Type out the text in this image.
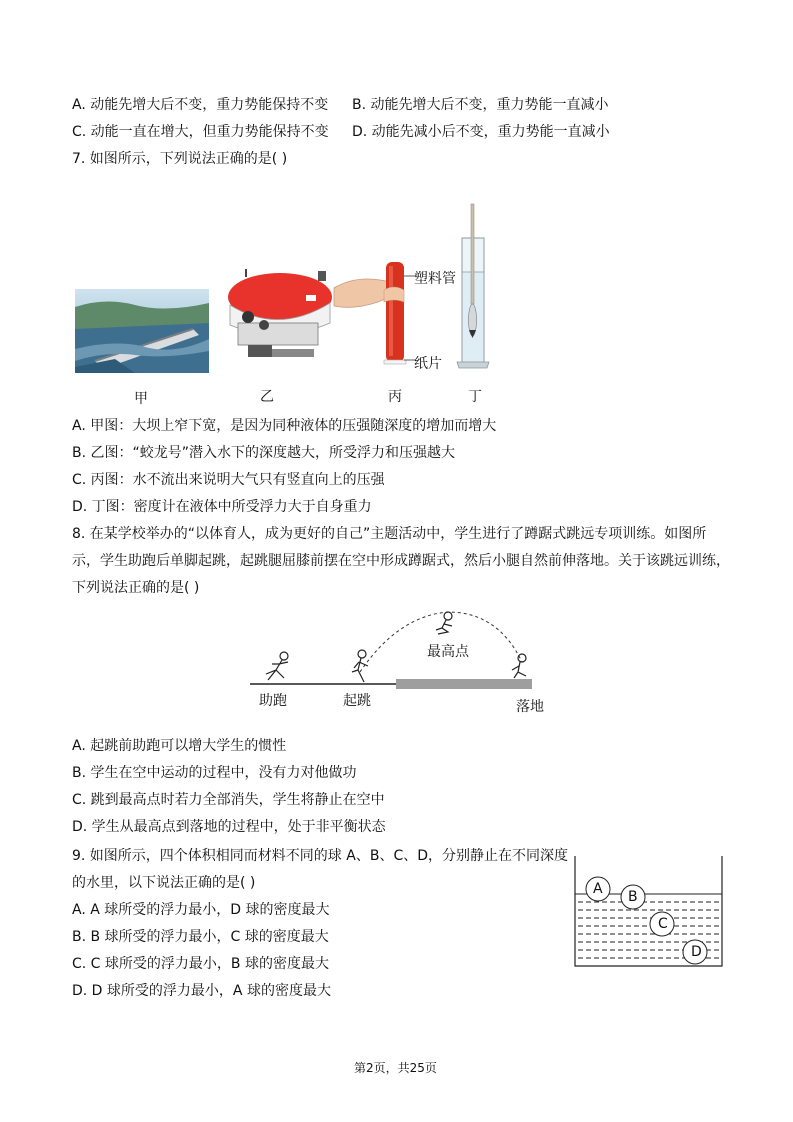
A. 动能先增大后不变，重力势能保持不变 B. 动能先增大后不变，重力势能一直减小
C. 动能一直在增大，但重力势能保持不变 D. 动能先减小后不变，重力势能一直减小
7. 如图所示，下列说法正确的是( )
甲	乙
塑料管
纸片
丙	丁
A. 甲图：大坝上窄下宽，是因为同种液体的压强随深度的增加而增大
B. 乙图：“蛟龙号”潜入水下的深度越大，所受浮力和压强越大
C. 丙图：水不流出来说明大气只有竖直向上的压强
D. 丁图：密度计在液体中所受浮力大于自身重力
8. 在某学校举办的“以体育人，成为更好的自己”主题活动中，学生进行了蹲踞式跳远专项训练。如图所
示，学生助跑后单脚起跳，起跳腿屈膝前摆在空中形成蹲踞式，然后小腿自然前伸落地。关于该跳远训练，
下列说法正确的是( )
助跑	起跳
最高点
落地
A. 起跳前助跑可以增大学生的惯性
B. 学生在空中运动的过程中，没有力对他做功
C. 跳到最高点时若力全部消失，学生将静止在空中
D. 学生从最高点到落地的过程中，处于非平衡状态
9. 如图所示，四个体积相同而材料不同的球 A、B、C、D，分别静止在不同深度
的水里，以下说法正确的是( )
A. A 球所受的浮力最小，D 球的密度最大
B. B 球所受的浮力最小，C 球的密度最大
C. C 球所受的浮力最小，B 球的密度最大
D. D 球所受的浮力最小，A 球的密度最大
A B
C
D
第2页，共25页
